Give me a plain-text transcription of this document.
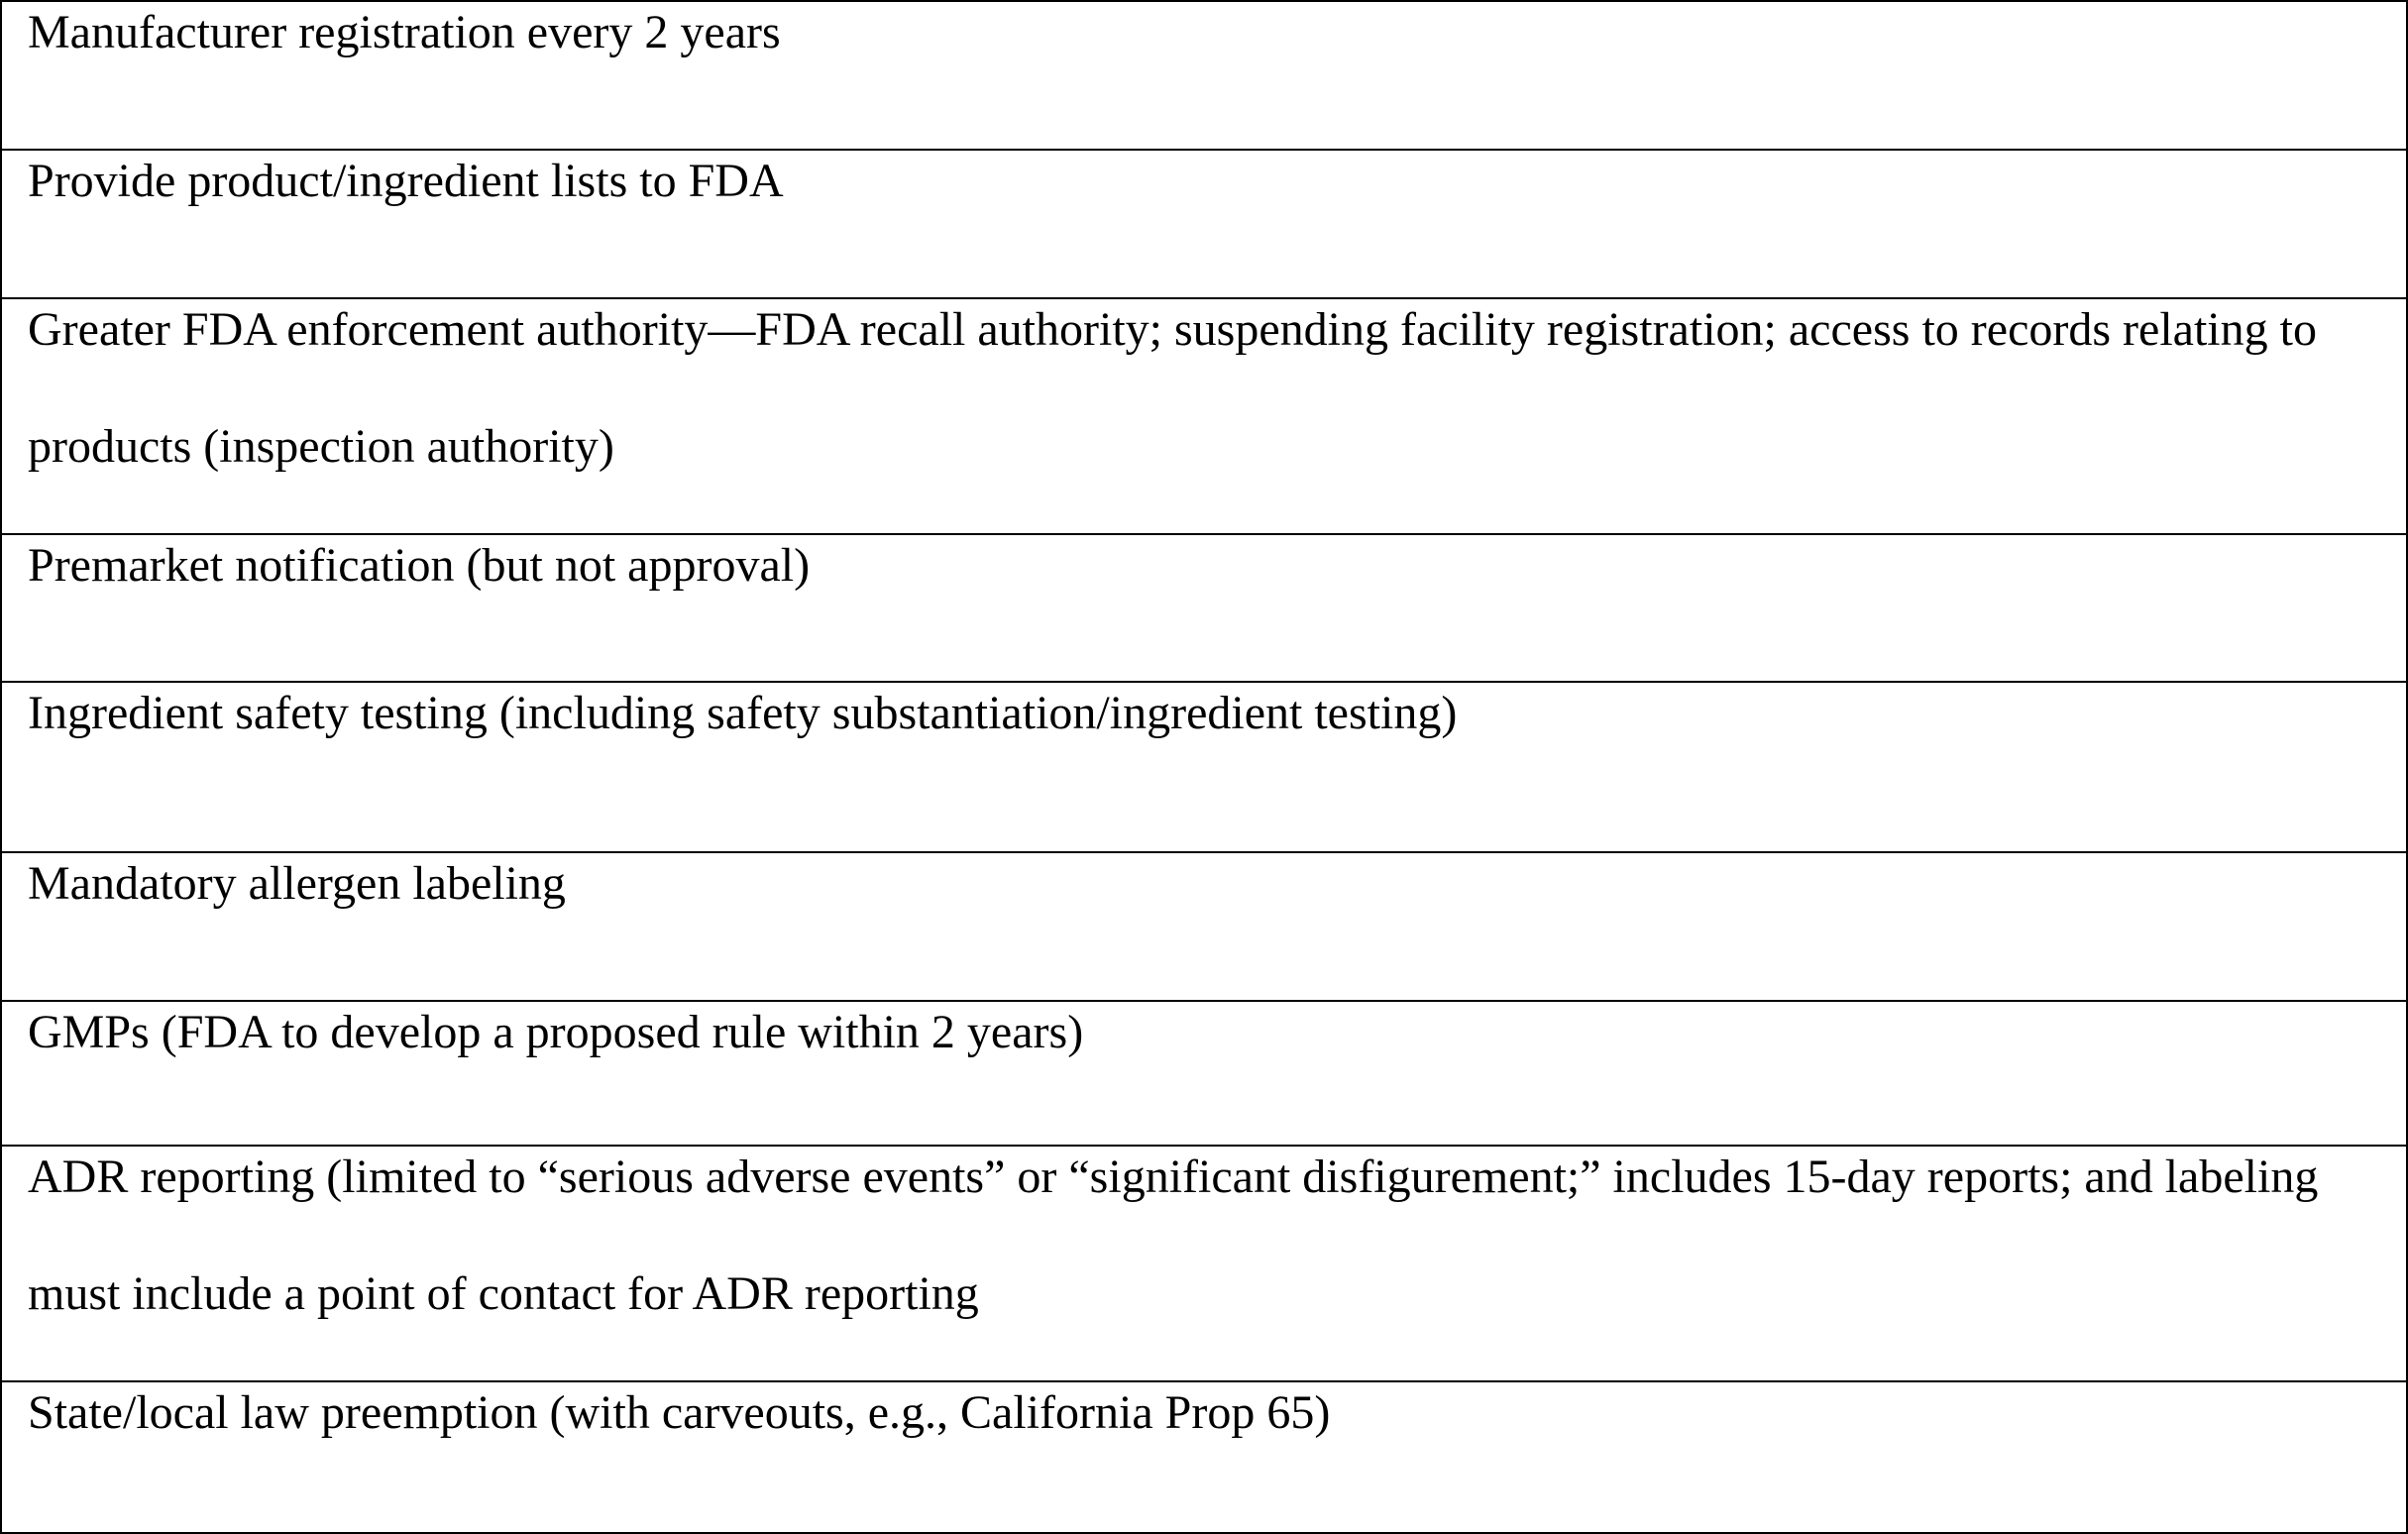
Manufacturer registration every 2 years

Provide product/ingredient lists to FDA

Greater FDA enforcement authority—FDA recall authority; suspending facility registration; access to records relating to products (inspection authority)

Premarket notification (but not approval)

Ingredient safety testing (including safety substantiation/ingredient testing)

Mandatory allergen labeling

GMPs (FDA to develop a proposed rule within 2 years)

ADR reporting (limited to “serious adverse events” or “significant disfigurement;” includes 15-day reports; and labeling must include a point of contact for ADR reporting

State/local law preemption (with carveouts, e.g., California Prop 65)
